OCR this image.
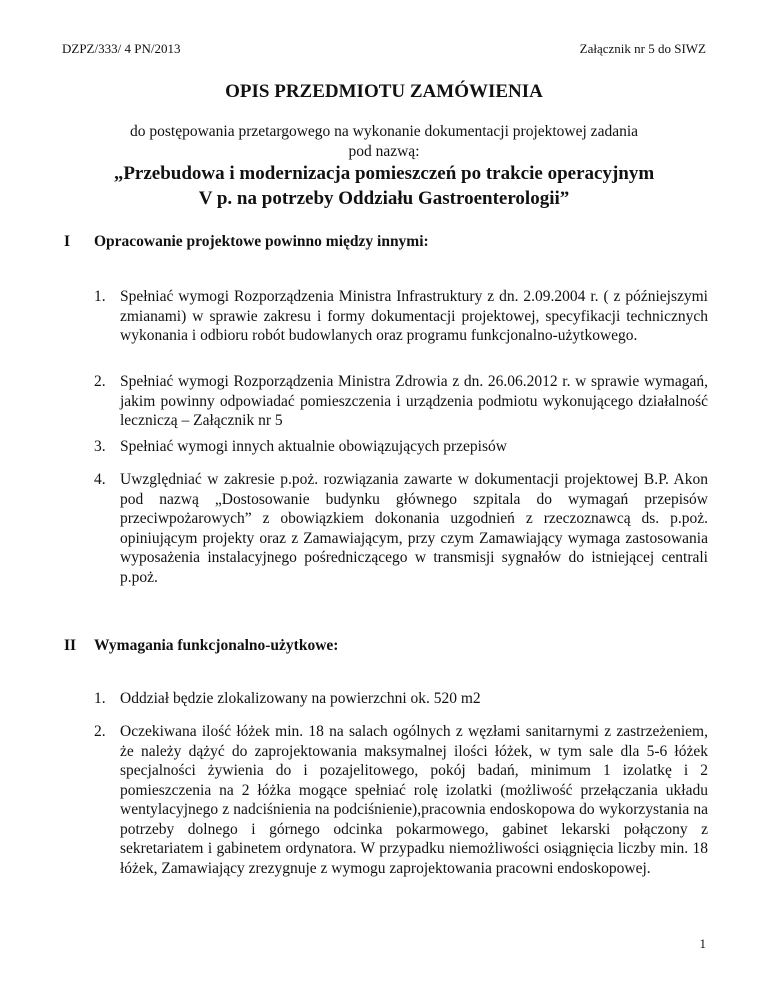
DZPZ/333/ 4 PN/2013	Załącznik nr 5 do SIWZ
OPIS PRZEDMIOTU ZAMÓWIENIA
do postępowania przetargowego na wykonanie dokumentacji projektowej zadania
pod nazwą:
„Przebudowa i modernizacja pomieszczeń po trakcie operacyjnym
V p. na potrzeby Oddziału Gastroenterologii”
I Opracowanie projektowe powinno między innymi:
1. Spełniać wymogi Rozporządzenia Ministra Infrastruktury z dn. 2.09.2004 r. ( z późniejszymi zmianami) w sprawie zakresu i formy dokumentacji projektowej, specyfikacji technicznych wykonania i odbioru robót budowlanych oraz programu funkcjonalno-użytkowego.
2. Spełniać wymogi Rozporządzenia Ministra Zdrowia z dn. 26.06.2012 r. w sprawie wymagań, jakim powinny odpowiadać pomieszczenia i urządzenia podmiotu wykonującego działalność leczniczą – Załącznik nr 5
3. Spełniać wymogi innych aktualnie obowiązujących przepisów
4. Uwzględniać w zakresie p.poż. rozwiązania zawarte w dokumentacji projektowej B.P. Akon pod nazwą „Dostosowanie budynku głównego szpitala do wymagań przepisów przeciwpożarowych” z obowiązkiem dokonania uzgodnień z rzeczoznawcą ds. p.poż. opiniującym projekty oraz z Zamawiającym, przy czym Zamawiający wymaga zastosowania wyposażenia instalacyjnego pośredniczącego w transmisji sygnałów do istniejącej centrali p.poż.
II Wymagania funkcjonalno-użytkowe:
1. Oddział będzie zlokalizowany na powierzchni ok. 520 m2
2. Oczekiwana ilość łóżek min. 18 na salach ogólnych z węzłami sanitarnymi z zastrzeżeniem, że należy dążyć do zaprojektowania maksymalnej ilości łóżek, w tym sale dla 5-6 łóżek specjalności żywienia do i pozajelitowego, pokój badań, minimum 1 izolatkę i 2 pomieszczenia na 2 łóżka mogące spełniać rolę izolatki (możliwość przełączania układu wentylacyjnego z nadciśnienia na podciśnienie),pracownia endoskopowa do wykorzystania na potrzeby dolnego i górnego odcinka pokarmowego, gabinet lekarski połączony z sekretariatem i gabinetem ordynatora. W przypadku niemożliwości osiągnięcia liczby min. 18 łóżek, Zamawiający zrezygnuje z wymogu zaprojektowania pracowni endoskopowej.
1
